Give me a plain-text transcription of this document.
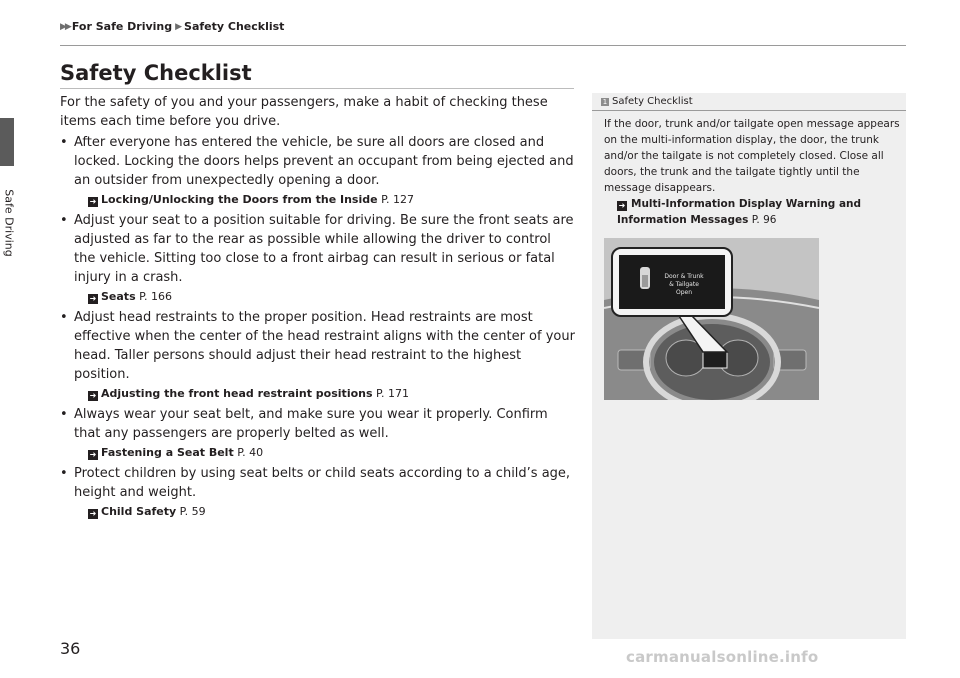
Safe Driving
▶▶ For Safe Driving ▶ Safety Checklist
Safety Checklist

For the safety of you and your passengers, make a habit of checking these items each time before you drive.

• After everyone has entered the vehicle, be sure all doors are closed and locked. Locking the doors helps prevent an occupant from being ejected and an outsider from unexpectedly opening a door.
➜ Locking/Unlocking the Doors from the Inside P. 127
• Adjust your seat to a position suitable for driving. Be sure the front seats are adjusted as far to the rear as possible while allowing the driver to control the vehicle. Sitting too close to a front airbag can result in serious or fatal injury in a crash.
➜ Seats P. 166
• Adjust head restraints to the proper position. Head restraints are most effective when the center of the head restraint aligns with the center of your head. Taller persons should adjust their head restraint to the highest position.
➜ Adjusting the front head restraint positions P. 171
• Always wear your seat belt, and make sure you wear it properly. Confirm that any passengers are properly belted as well.
➜ Fastening a Seat Belt P. 40
• Protect children by using seat belts or child seats according to a child’s age, height and weight.
➜ Child Safety P. 59
1 Safety Checklist

If the door, trunk and/or tailgate open message appears on the multi-information display, the door, the trunk and/or the tailgate is not completely closed. Close all doors, the trunk and the tailgate tightly until the message disappears.

➜ Multi-Information Display Warning and Information Messages P. 96
Door & Trunk
& Tailgate
Open
36	carmanualsonline.info
